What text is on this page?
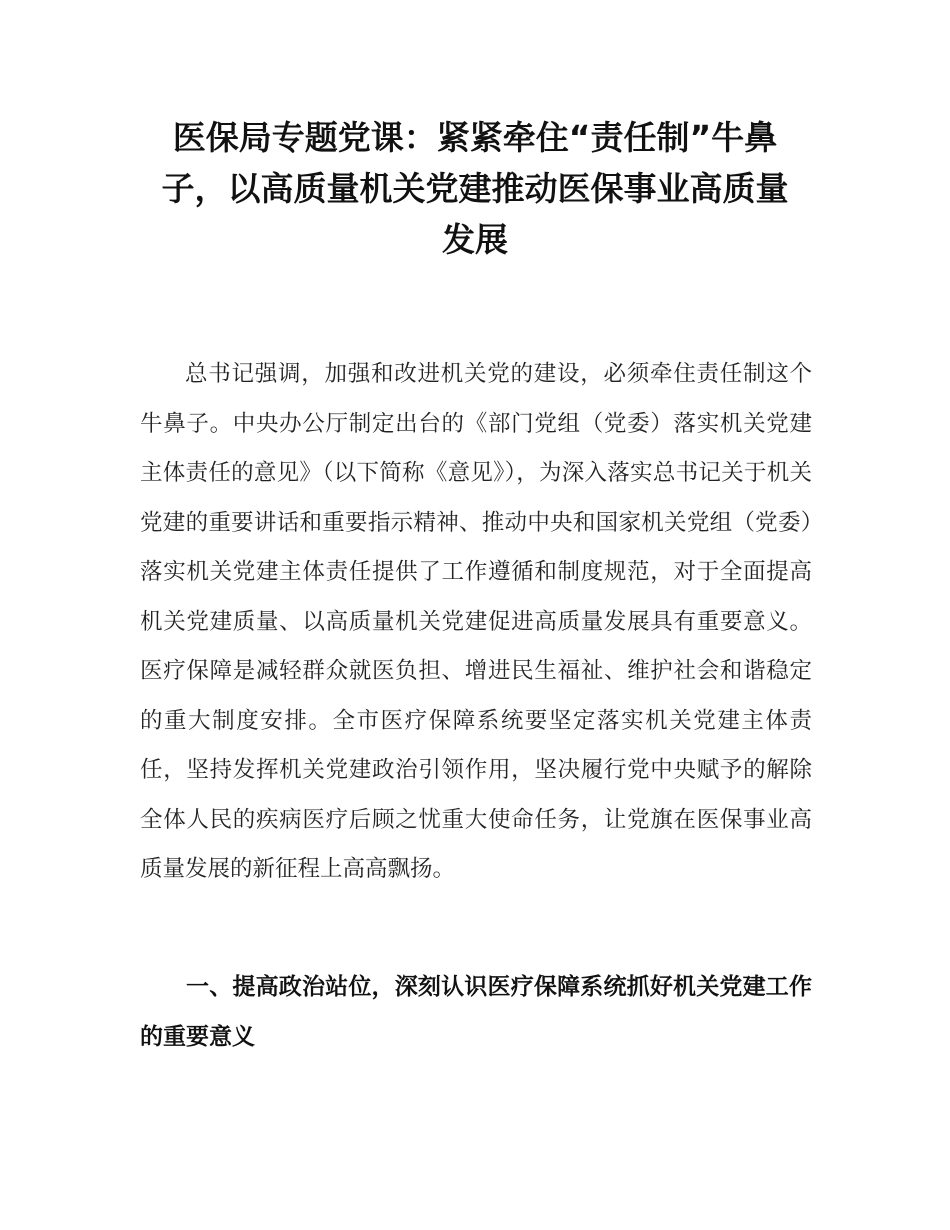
医保局专题党课：紧紧牵住“责任制”牛鼻
子，以高质量机关党建推动医保事业高质量
发展

总书记强调，加强和改进机关党的建设，必须牵住责任制这个牛鼻子。中央办公厅制定出台的《部门党组（党委）落实机关党建主体责任的意见》（以下简称《意见》），为深入落实总书记关于机关党建的重要讲话和重要指示精神、推动中央和国家机关党组（党委）落实机关党建主体责任提供了工作遵循和制度规范，对于全面提高机关党建质量、以高质量机关党建促进高质量发展具有重要意义。医疗保障是减轻群众就医负担、增进民生福祉、维护社会和谐稳定的重大制度安排。全市医疗保障系统要坚定落实机关党建主体责任，坚持发挥机关党建政治引领作用，坚决履行党中央赋予的解除全体人民的疾病医疗后顾之忧重大使命任务，让党旗在医保事业高质量发展的新征程上高高飘扬。

一、提高政治站位，深刻认识医疗保障系统抓好机关党建工作的重要意义
